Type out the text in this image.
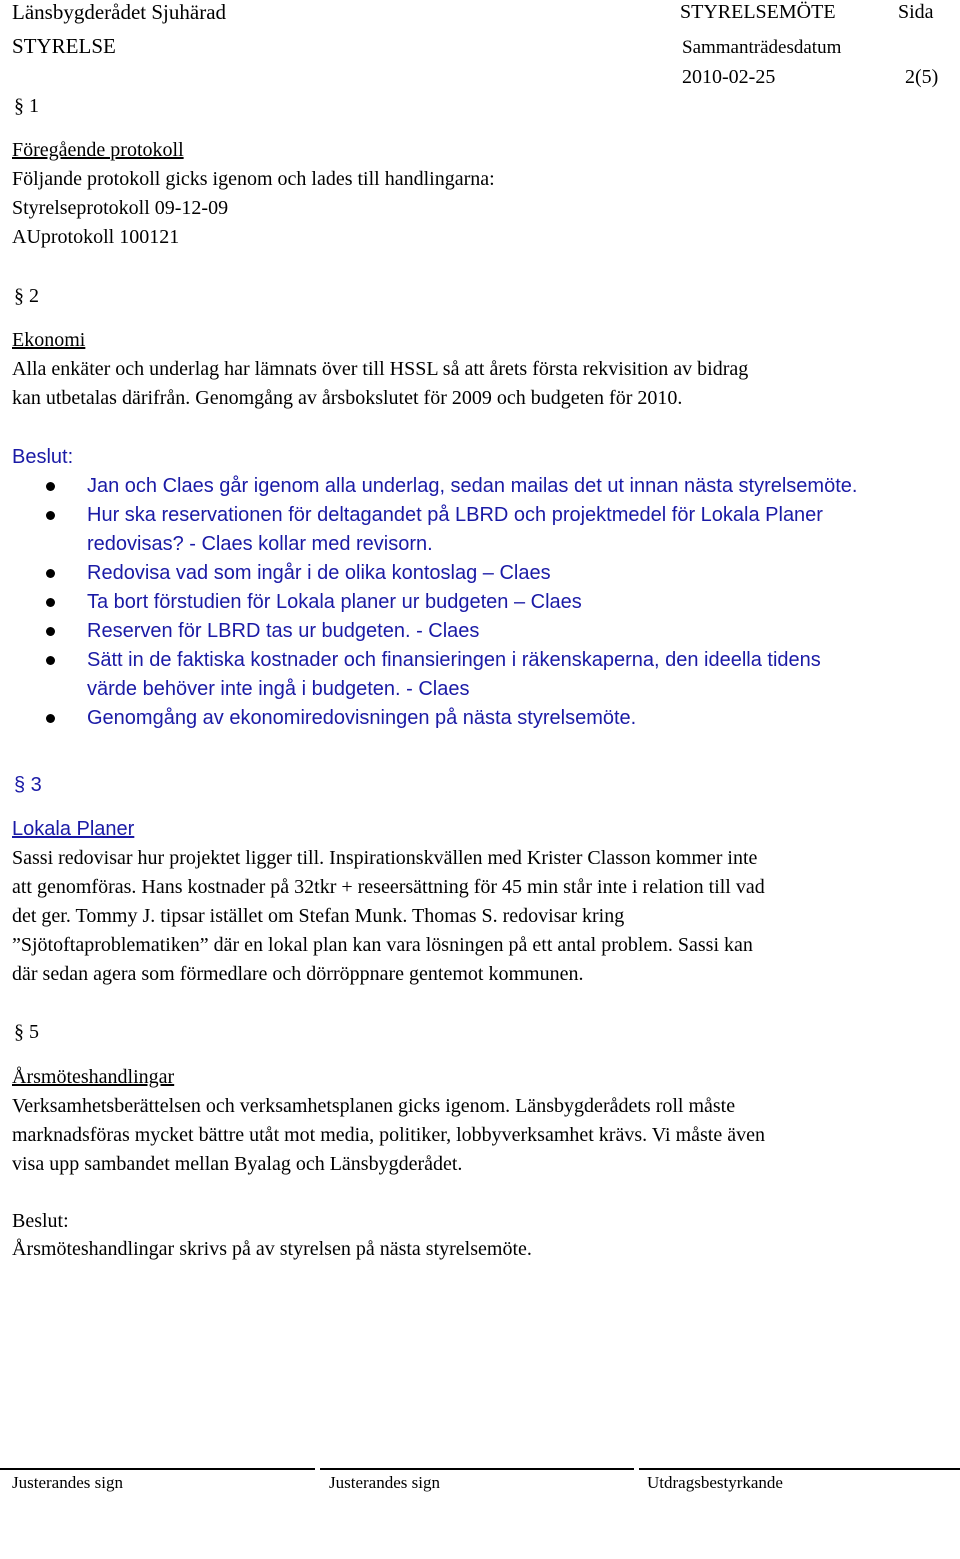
Länsbygderådet Sjuhärad
STYRELSE
STYRELSEMÖTE	Sida
Sammanträdesdatum
2010-02-25	2(5)
§ 1
Föregående protokoll
Följande protokoll gicks igenom och lades till handlingarna:
Styrelseprotokoll 09-12-09
AUprotokoll 100121
§ 2
Ekonomi
Alla enkäter och underlag har lämnats över till HSSL så att årets första rekvisition av bidrag
kan utbetalas därifrån. Genomgång av årsbokslutet för 2009 och budgeten för 2010.
Beslut:
Jan och Claes går igenom alla underlag, sedan mailas det ut innan nästa styrelsemöte.
Hur ska reservationen för deltagandet på LBRD och projektmedel för Lokala Planer
redovisas? - Claes kollar med revisorn.
Redovisa vad som ingår i de olika kontoslag – Claes
Ta bort förstudien för Lokala planer ur budgeten – Claes
Reserven för LBRD tas ur budgeten. - Claes
Sätt in de faktiska kostnader och finansieringen i räkenskaperna, den ideella tidens
värde behöver inte ingå i budgeten. - Claes
Genomgång av ekonomiredovisningen på nästa styrelsemöte.
§ 3
Lokala Planer
Sassi redovisar hur projektet ligger till. Inspirationskvällen med Krister Classon kommer inte
att genomföras. Hans kostnader på 32tkr + reseersättning för 45 min står inte i relation till vad
det ger. Tommy J. tipsar istället om Stefan Munk. Thomas S. redovisar kring
”Sjötoftaproblematiken” där en lokal plan kan vara lösningen på ett antal problem. Sassi kan
där sedan agera som förmedlare och dörröppnare gentemot kommunen.
§ 5
Årsmöteshandlingar
Verksamhetsberättelsen och verksamhetsplanen gicks igenom. Länsbygderådets roll måste
marknadsföras mycket bättre utåt mot media, politiker, lobbyverksamhet krävs. Vi måste även
visa upp sambandet mellan Byalag och Länsbygderådet.
Beslut:
Årsmöteshandlingar skrivs på av styrelsen på nästa styrelsemöte.
Justerandes sign	Justerandes sign	Utdragsbestyrkande
